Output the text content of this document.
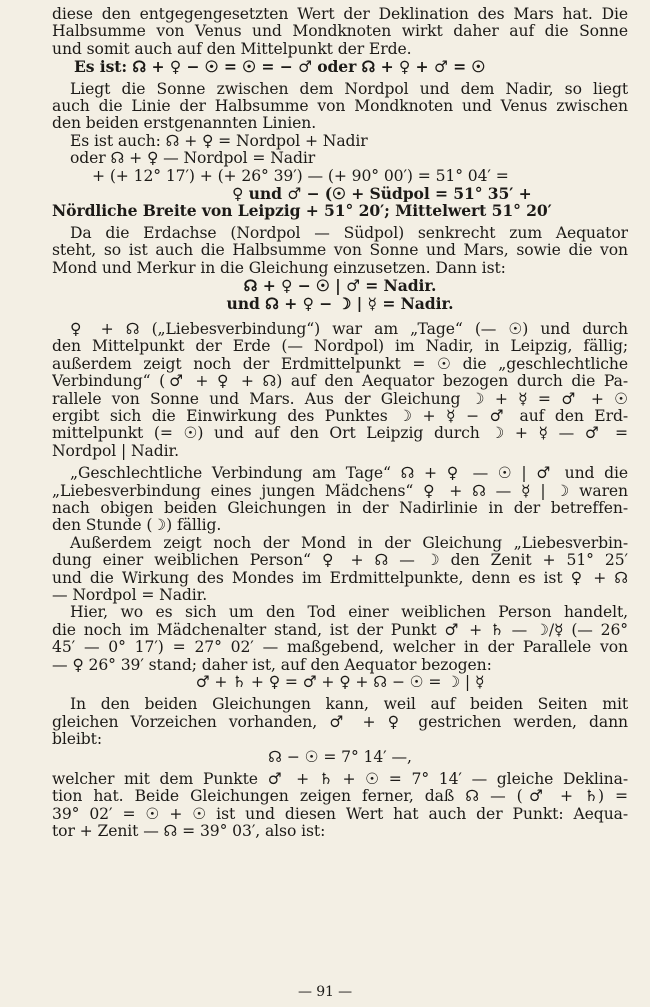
diese den entgegengesetzten Wert der Deklination des Mars hat. Die
Halbsumme von Venus und Mondknoten wirkt daher auf die Sonne
und somit auch auf den Mittelpunkt der Erde.
Es ist: ☊ + ♀ − ☉ = ☉ = − ♂ oder ☊ + ♀ + ♂ = ☉
Liegt die Sonne zwischen dem Nordpol und dem Nadir, so liegt
auch die Linie der Halbsumme von Mondknoten und Venus zwischen
den beiden erstgenannten Linien.
Es ist auch: ☊ + ♀ = Nordpol + Nadir
oder ☊ + ♀ — Nordpol = Nadir
+ (+ 12° 17′) + (+ 26° 39′) — (+ 90° 00′) = 51° 04′ =
♀ und ♂ − (☉ + Südpol = 51° 35′ +
Nördliche Breite von Leipzig + 51° 20′; Mittelwert 51° 20′
Da die Erdachse (Nordpol — Südpol) senkrecht zum Aequator
steht, so ist auch die Halbsumme von Sonne und Mars, sowie die von
Mond und Merkur in die Gleichung einzusetzen. Dann ist:
☊ + ♀ − ☉ | ♂ = Nadir.
und ☊ + ♀ − ☽ | ☿ = Nadir.
♀ + ☊ („Liebesverbindung“) war am „Tage“ (— ☉) und durch
den Mittelpunkt der Erde (— Nordpol) im Nadir, in Leipzig, fällig;
außerdem zeigt noch der Erdmittelpunkt = ☉ die „geschlechtliche
Verbindung“ (♂ + ♀ + ☊) auf den Aequator bezogen durch die Pa-
rallele von Sonne und Mars. Aus der Gleichung ☽ + ☿ = ♂ + ☉
ergibt sich die Einwirkung des Punktes ☽ + ☿ − ♂ auf den Erd-
mittelpunkt (= ☉) und auf den Ort Leipzig durch ☽ + ☿ — ♂ =
Nordpol | Nadir.
„Geschlechtliche Verbindung am Tage“ ☊ + ♀ — ☉ | ♂ und die
„Liebesverbindung eines jungen Mädchens“ ♀ + ☊ — ☿ | ☽ waren
nach obigen beiden Gleichungen in der Nadirlinie in der betreffen-
den Stunde (☽) fällig.
Außerdem zeigt noch der Mond in der Gleichung „Liebesverbin-
dung einer weiblichen Person“ ♀ + ☊ — ☽ den Zenit + 51° 25′
und die Wirkung des Mondes im Erdmittelpunkte, denn es ist ♀ + ☊
— Nordpol = Nadir.
Hier, wo es sich um den Tod einer weiblichen Person handelt,
die noch im Mädchenalter stand, ist der Punkt ♂ + ♄ — ☽/☿ (— 26°
45′ — 0° 17′) = 27° 02′ — maßgebend, welcher in der Parallele von
— ♀ 26° 39′ stand; daher ist, auf den Aequator bezogen:
♂ + ♄ + ♀ = ♂ + ♀ + ☊ − ☉ = ☽ | ☿
In den beiden Gleichungen kann, weil auf beiden Seiten mit
gleichen Vorzeichen vorhanden, ♂ + ♀ gestrichen werden, dann
bleibt:
☊ − ☉ = 7° 14′ —,
welcher mit dem Punkte ♂ + ♄ + ☉ = 7° 14′ — gleiche Deklina-
tion hat. Beide Gleichungen zeigen ferner, daß ☊ — (♂ + ♄) =
39° 02′ = ☉ + ☉ ist und diesen Wert hat auch der Punkt: Aequa-
tor + Zenit — ☊ = 39° 03′, also ist:
— 91 —
